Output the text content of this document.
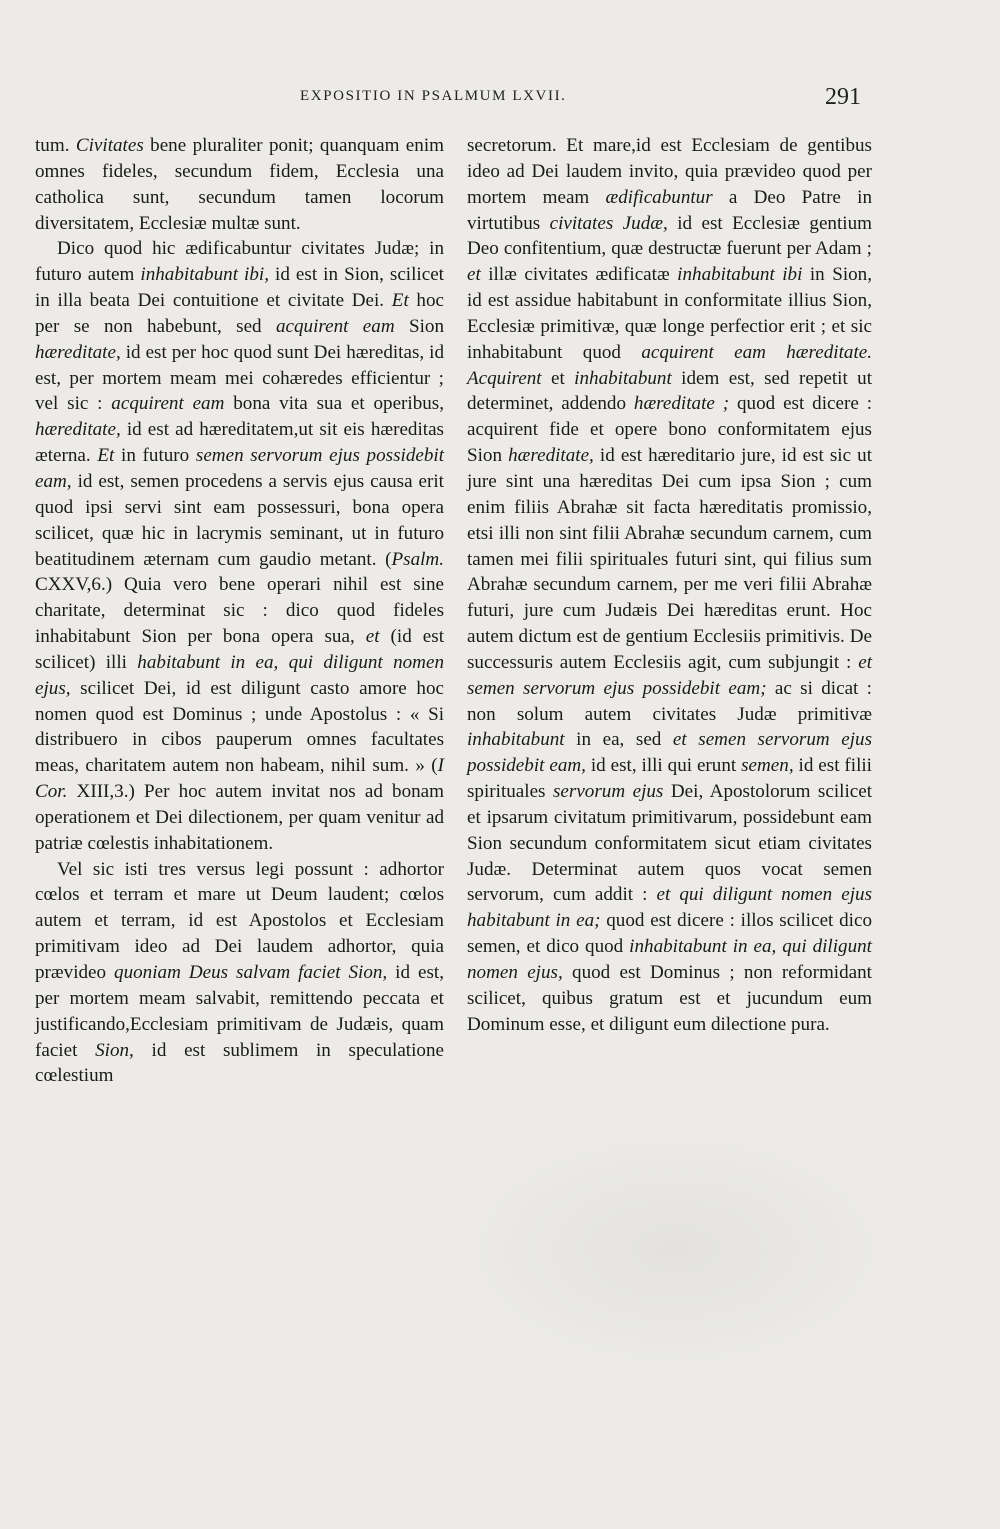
EXPOSITIO IN PSALMUM LXVII.	291

tum. Civitates bene pluraliter ponit; quanquam enim omnes fideles, secundum fidem, Ecclesia una catholica sunt, secundum tamen locorum diversitatem, Ecclesiæ multæ sunt.

Dico quod hic ædificabuntur civitates Judæ; in futuro autem inhabitabunt ibi, id est in Sion, scilicet in illa beata Dei contuitione et civitate Dei. Et hoc per se non habebunt, sed acquirent eam Sion hæreditate, id est per hoc quod sunt Dei hæreditas, id est, per mortem meam mei cohæredes efficientur ; vel sic : acquirent eam bona vita sua et operibus, hæreditate, id est ad hæreditatem,ut sit eis hæreditas æterna. Et in futuro semen servorum ejus possidebit eam, id est, semen procedens a servis ejus causa erit quod ipsi servi sint eam possessuri, bona opera scilicet, quæ hic in lacrymis seminant, ut in futuro beatitudinem æternam cum gaudio metant. (Psalm. CXXV,6.) Quia vero bene operari nihil est sine charitate, determinat sic : dico quod fideles inhabitabunt Sion per bona opera sua, et (id est scilicet) illi habitabunt in ea, qui diligunt nomen ejus, scilicet Dei, id est diligunt casto amore hoc nomen quod est Dominus ; unde Apostolus : « Si distribuero in cibos pauperum omnes facultates meas, charitatem autem non habeam, nihil sum. » (I Cor. XIII,3.) Per hoc autem invitat nos ad bonam operationem et Dei dilectionem, per quam venitur ad patriæ cœlestis inhabitationem.

Vel sic isti tres versus legi possunt : adhortor cœlos et terram et mare ut Deum laudent; cœlos autem et terram, id est Apostolos et Ecclesiam primitivam ideo ad Dei laudem adhortor, quia prævideo quoniam Deus salvam faciet Sion, id est, per mortem meam salvabit, remittendo peccata et justificando,Ecclesiam primitivam de Judæis, quam faciet Sion, id est sublimem in speculatione cœlestium

secretorum. Et mare,id est Ecclesiam de gentibus ideo ad Dei laudem invito, quia prævideo quod per mortem meam ædificabuntur a Deo Patre in virtutibus civitates Judæ, id est Ecclesiæ gentium Deo confitentium, quæ destructæ fuerunt per Adam ; et illæ civitates ædificatæ inhabitabunt ibi in Sion, id est assidue habitabunt in conformitate illius Sion, Ecclesiæ primitivæ, quæ longe perfectior erit ; et sic inhabitabunt quod acquirent eam hæreditate. Acquirent et inhabitabunt idem est, sed repetit ut determinet, addendo hæreditate ; quod est dicere : acquirent fide et opere bono conformitatem ejus Sion hæreditate, id est hæreditario jure, id est sic ut jure sint una hæreditas Dei cum ipsa Sion ; cum enim filiis Abrahæ sit facta hæreditatis promissio, etsi illi non sint filii Abrahæ secundum carnem, cum tamen mei filii spirituales futuri sint, qui filius sum Abrahæ secundum carnem, per me veri filii Abrahæ futuri, jure cum Judæis Dei hæreditas erunt. Hoc autem dictum est de gentium Ecclesiis primitivis. De successuris autem Ecclesiis agit, cum subjungit : et semen servorum ejus possidebit eam; ac si dicat : non solum autem civitates Judæ primitivæ inhabitabunt in ea, sed et semen servorum ejus possidebit eam, id est, illi qui erunt semen, id est filii spirituales servorum ejus Dei, Apostolorum scilicet et ipsarum civitatum primitivarum, possidebunt eam Sion secundum conformitatem sicut etiam civitates Judæ. Determinat autem quos vocat semen servorum, cum addit : et qui diligunt nomen ejus habitabunt in ea; quod est dicere : illos scilicet dico semen, et dico quod inhabitabunt in ea, qui diligunt nomen ejus, quod est Dominus ; non reformidant scilicet, quibus gratum est et jucundum eum Dominum esse, et diligunt eum dilectione pura.
